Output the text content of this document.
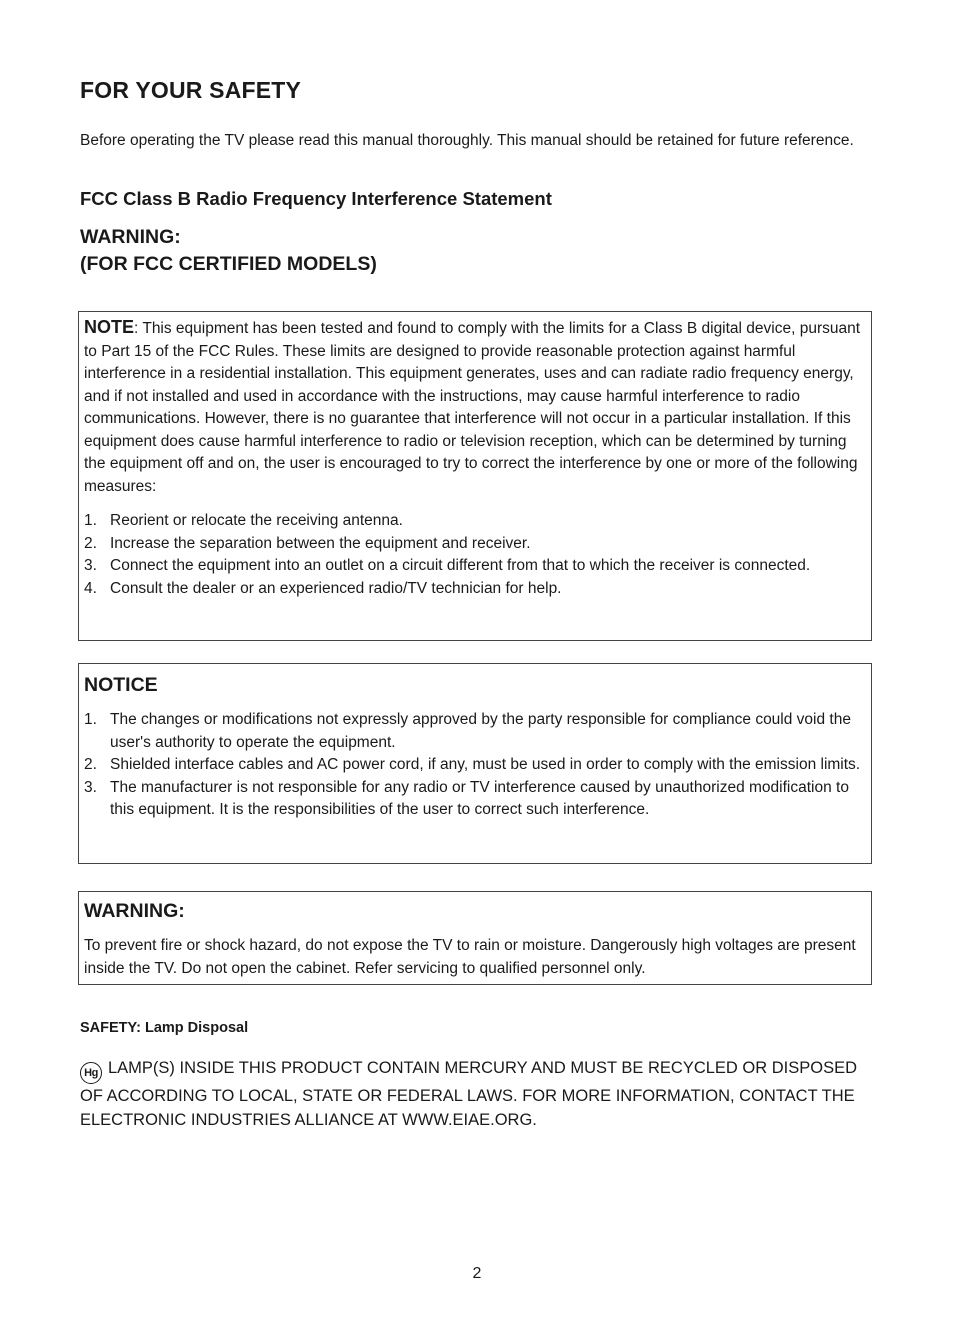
FOR YOUR SAFETY

Before operating the TV please read this manual thoroughly. This manual should be retained for future reference.

FCC Class B Radio Frequency Interference Statement
WARNING:
(FOR FCC CERTIFIED MODELS)

NOTE: This equipment has been tested and found to comply with the limits for a Class B digital device, pursuant to Part 15 of the FCC Rules. These limits are designed to provide reasonable protection against harmful interference in a residential installation. This equipment generates, uses and can radiate radio frequency energy, and if not installed and used in accordance with the instructions, may cause harmful interference to radio communications. However, there is no guarantee that interference will not occur in a particular installation. If this equipment does cause harmful interference to radio or television reception, which can be determined by turning the equipment off and on, the user is encouraged to try to correct the interference by one or more of the following measures:

1. Reorient or relocate the receiving antenna.
2. Increase the separation between the equipment and receiver.
3. Connect the equipment into an outlet on a circuit different from that to which the receiver is connected.
4. Consult the dealer or an experienced radio/TV technician for help.
NOTICE
1. The changes or modifications not expressly approved by the party responsible for compliance could void the user's authority to operate the equipment.
2. Shielded interface cables and AC power cord, if any, must be used in order to comply with the emission limits.
3. The manufacturer is not responsible for any radio or TV interference caused by unauthorized modification to this equipment. It is the responsibilities of the user to correct such interference.
WARNING:

To prevent fire or shock hazard, do not expose the TV to rain or moisture. Dangerously high voltages are present inside the TV. Do not open the cabinet. Refer servicing to qualified personnel only.

SAFETY: Lamp Disposal

Hg LAMP(S) INSIDE THIS PRODUCT CONTAIN MERCURY AND MUST BE RECYCLED OR DISPOSED OF ACCORDING TO LOCAL, STATE OR FEDERAL LAWS. FOR MORE INFORMATION, CONTACT THE ELECTRONIC INDUSTRIES ALLIANCE AT WWW.EIAE.ORG.

2
